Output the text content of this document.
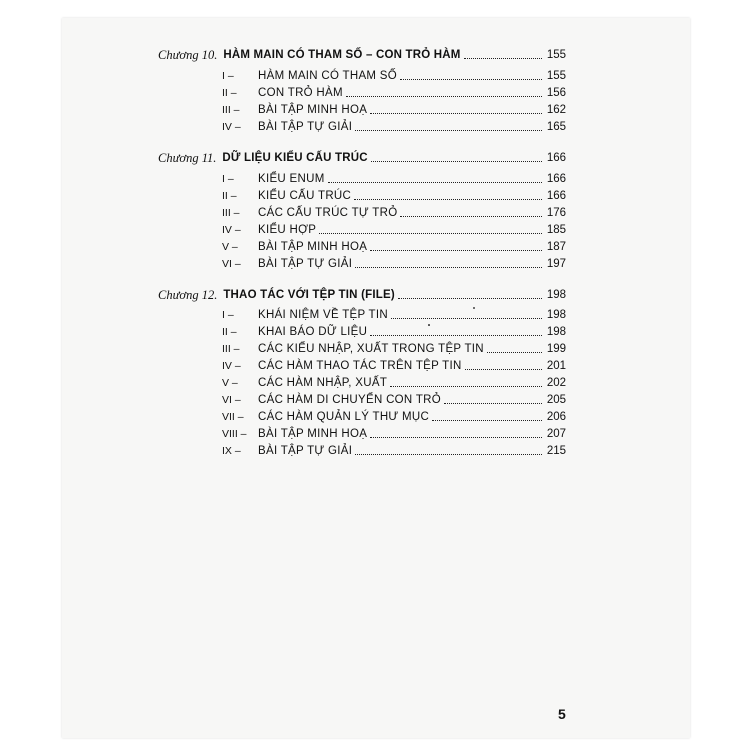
Chương 10. HÀM MAIN CÓ THAM SỐ – CON TRỎ HÀM	155
I –	HÀM MAIN CÓ THAM SỐ	155
II –	CON TRỎ HÀM	156
III –	BÀI TẬP MINH HOẠ	162
IV –	BÀI TẬP TỰ GIẢI	165
Chương 11. DỮ LIỆU KIỂU CẤU TRÚC	166
I –	KIỂU ENUM	166
II –	KIỂU CẤU TRÚC	166
III –	CÁC CẤU TRÚC TỰ TRỎ	176
IV –	KIỂU HỢP	185
V –	BÀI TẬP MINH HOẠ	187
VI –	BÀI TẬP TỰ GIẢI	197
Chương 12. THAO TÁC VỚI TỆP TIN (FILE)	198
I –	KHÁI NIỆM VỀ TỆP TIN	198
II –	KHAI BÁO DỮ LIỆU	198
III –	CÁC KIỂU NHẬP, XUẤT TRONG TỆP TIN	199
IV –	CÁC HÀM THAO TÁC TRÊN TỆP TIN	201
V –	CÁC HÀM NHẬP, XUẤT	202
VI –	CÁC HÀM DI CHUYỂN CON TRỎ	205
VII –	CÁC HÀM QUẢN LÝ THƯ MỤC	206
VIII – BÀI TẬP MINH HOẠ	207
IX –	BÀI TẬP TỰ GIẢI	215
5
